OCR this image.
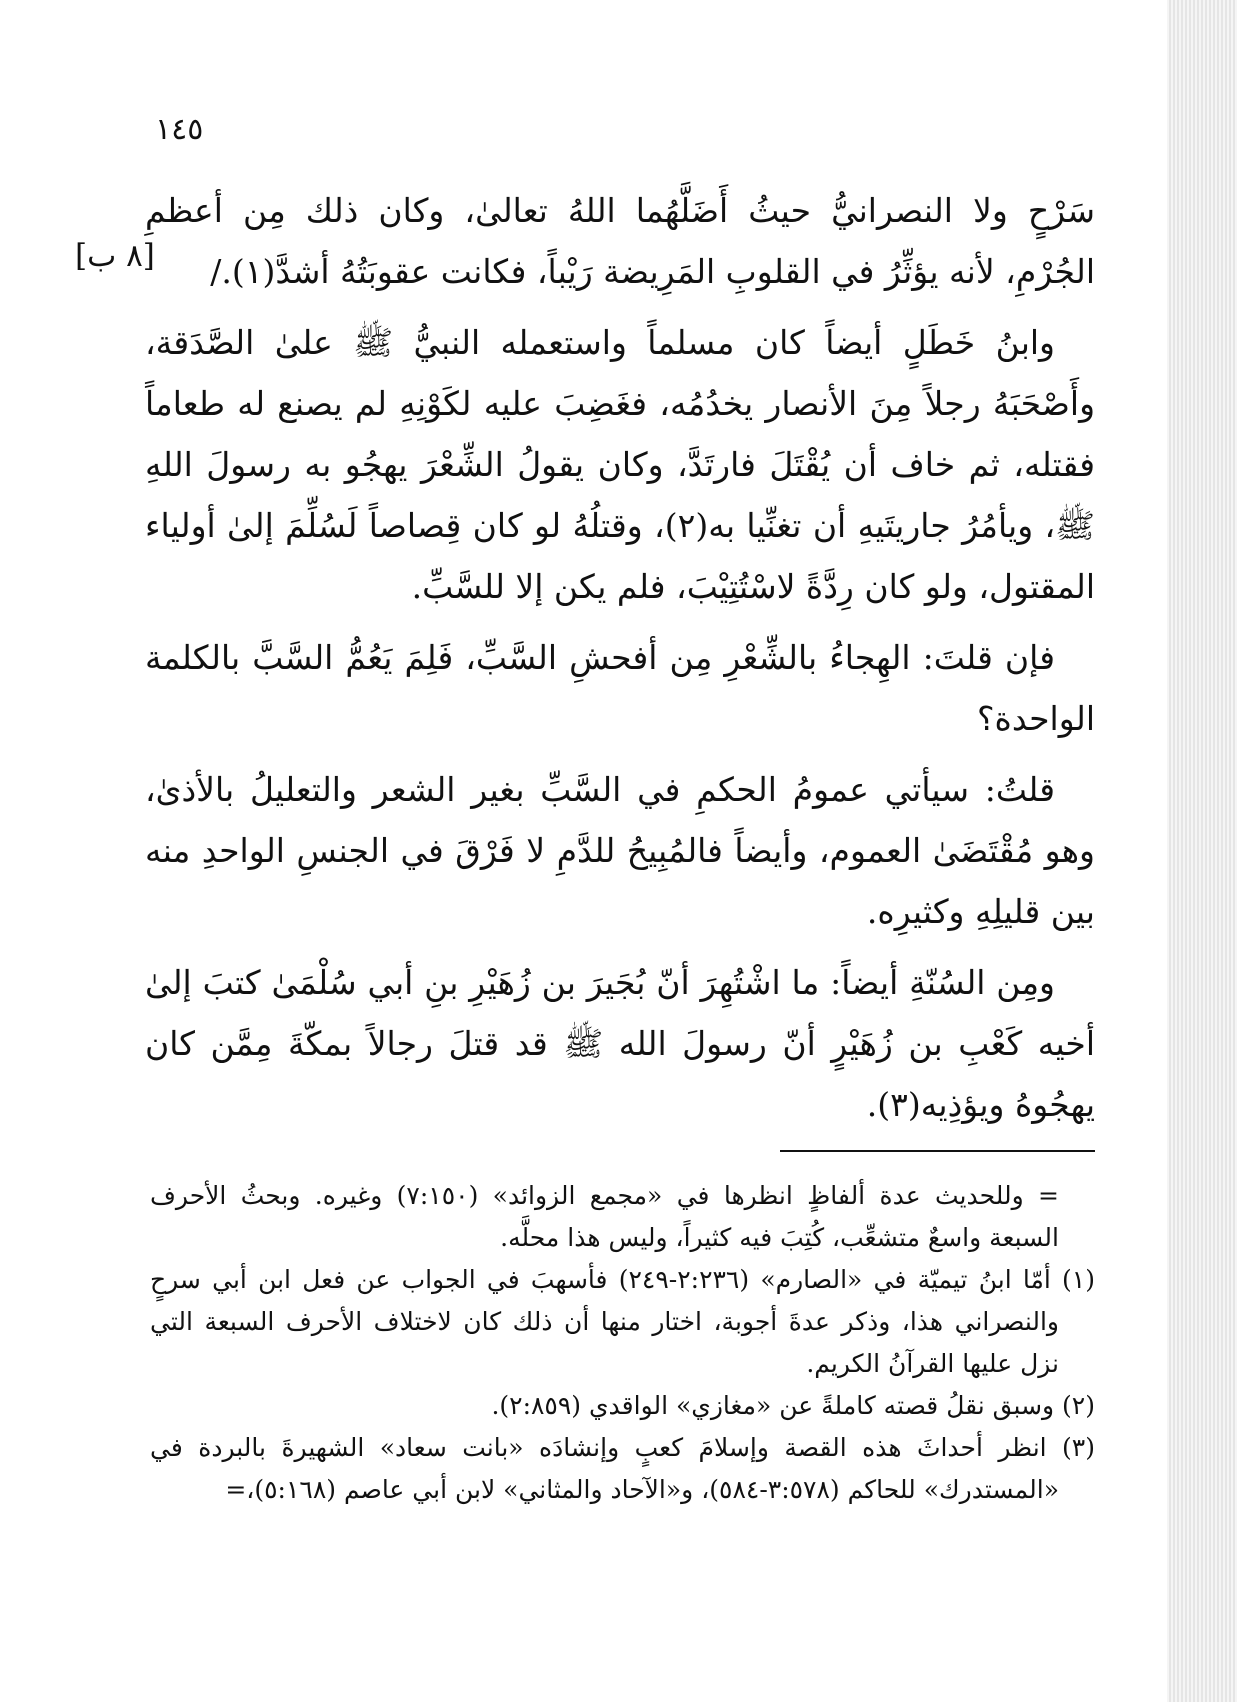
١٤٥
[٨ ب]

سَرْحٍ ولا النصرانيُّ حيثُ أَضَلَّهُما اللهُ تعالىٰ، وكان ذلك مِن أعظمِ الجُرْمِ، لأنه يؤثِّرُ في القلوبِ المَرِيضة رَيْباً، فكانت عقوبَتُهُ أشدَّ(١)./

وابنُ خَطَلٍ أيضاً كان مسلماً واستعمله النبيُّ ﷺ علىٰ الصَّدَقة، وأَصْحَبَهُ رجلاً مِنَ الأنصار يخدُمُه، فغَضِبَ عليه لكَوْنِهِ لم يصنع له طعاماً فقتله، ثم خاف أن يُقْتَلَ فارتَدَّ، وكان يقولُ الشِّعْرَ يهجُو به رسولَ اللهِ ﷺ، ويأمُرُ جاريتَيهِ أن تغنِّيا به(٢)، وقتلُهُ لو كان قِصاصاً لَسُلِّمَ إلىٰ أولياء المقتول، ولو كان رِدَّةً لاسْتُتِيْبَ، فلم يكن إلا للسَّبِّ.

فإن قلتَ: الهِجاءُ بالشِّعْرِ مِن أفحشِ السَّبِّ، فَلِمَ يَعُمُّ السَّبَّ بالكلمة الواحدة؟

قلتُ: سيأتي عمومُ الحكمِ في السَّبِّ بغير الشعر والتعليلُ بالأذىٰ، وهو مُقْتَضَىٰ العموم، وأيضاً فالمُبِيحُ للدَّمِ لا فَرْقَ في الجنسِ الواحدِ منه بين قليلِهِ وكثيرِه.

ومِن السُنّةِ أيضاً: ما اشْتُهِرَ أنّ بُجَيرَ بن زُهَيْرِ بنِ أبي سُلْمَىٰ كتبَ إلىٰ أخيه كَعْبِ بن زُهَيْرٍ أنّ رسولَ الله ﷺ قد قتلَ رجالاً بمكّةَ مِمَّن كان يهجُوهُ ويؤذِيه(٣).

= وللحديث عدة ألفاظٍ انظرها في «مجمع الزوائد» (٧:١٥٠) وغيره. وبحثُ الأحرف السبعة واسعٌ متشعِّب، كُتِبَ فيه كثيراً، وليس هذا محلَّه.

(١) أمّا ابنُ تيميّة في «الصارم» (٢:٢٣٦-٢٤٩) فأسهبَ في الجواب عن فعل ابن أبي سرحٍ والنصراني هذا، وذكر عدةَ أجوبة، اختار منها أن ذلك كان لاختلاف الأحرف السبعة التي نزل عليها القرآنُ الكريم.

(٢) وسبق نقلُ قصته كاملةً عن «مغازي» الواقدي (٢:٨٥٩).

(٣) انظر أحداثَ هذه القصة وإسلامَ كعبٍ وإنشادَه «بانت سعاد» الشهيرةَ بالبردة في «المستدرك» للحاكم (٣:٥٧٨-٥٨٤)، و«الآحاد والمثاني» لابن أبي عاصم (٥:١٦٨)،=
